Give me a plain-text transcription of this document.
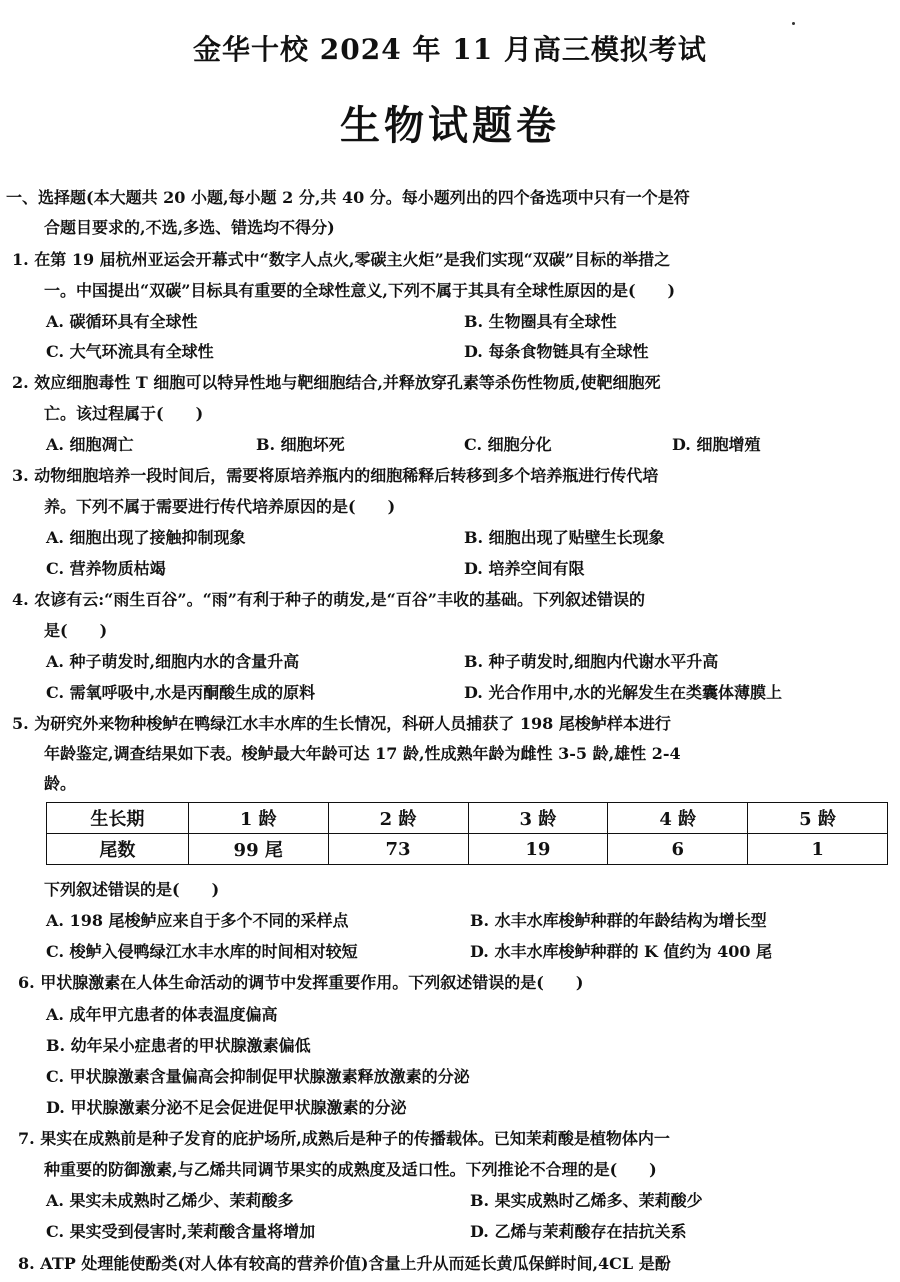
金华十校 2024 年 11 月高三模拟考试
生物试题卷
一、选择题(本大题共 20 小题,每小题 2 分,共 40 分。每小题列出的四个备选项中只有一个是符
合题目要求的,不选,多选、错选均不得分)
1. 在第 19 届杭州亚运会开幕式中“数字人点火,零碳主火炬”是我们实现“双碳”目标的举措之
一。中国提出“双碳”目标具有重要的全球性意义,下列不属于其具有全球性原因的是(　　)
A. 碳循环具有全球性	B. 生物圈具有全球性
C. 大气环流具有全球性	D. 每条食物链具有全球性
2. 效应细胞毒性 T 细胞可以特异性地与靶细胞结合,并释放穿孔素等杀伤性物质,使靶细胞死
亡。该过程属于(　　)
A. 细胞凋亡	B. 细胞坏死	C. 细胞分化	D. 细胞增殖
3. 动物细胞培养一段时间后，需要将原培养瓶内的细胞稀释后转移到多个培养瓶进行传代培
养。下列不属于需要进行传代培养原因的是(　　)
A. 细胞出现了接触抑制现象	B. 细胞出现了贴壁生长现象
C. 营养物质枯竭	D. 培养空间有限
4. 农谚有云:“雨生百谷”。“雨”有利于种子的萌发,是“百谷”丰收的基础。下列叙述错误的
是(　　)
A. 种子萌发时,细胞内水的含量升高	B. 种子萌发时,细胞内代谢水平升高
C. 需氧呼吸中,水是丙酮酸生成的原料	D. 光合作用中,水的光解发生在类囊体薄膜上
5. 为研究外来物种梭鲈在鸭绿江水丰水库的生长情况，科研人员捕获了 198 尾梭鲈样本进行
年龄鉴定,调查结果如下表。梭鲈最大年龄可达 17 龄,性成熟年龄为雌性 3-5 龄,雄性 2-4
龄。
生长期	1 龄	2 龄	3 龄	4 龄	5 龄
尾数	99 尾	73	19	6	1
下列叙述错误的是(　　)
A. 198 尾梭鲈应来自于多个不同的采样点	B. 水丰水库梭鲈种群的年龄结构为增长型
C. 梭鲈入侵鸭绿江水丰水库的时间相对较短	D. 水丰水库梭鲈种群的 K 值约为 400 尾
6. 甲状腺激素在人体生命活动的调节中发挥重要作用。下列叙述错误的是(　　)
A. 成年甲亢患者的体表温度偏高
B. 幼年呆小症患者的甲状腺激素偏低
C. 甲状腺激素含量偏高会抑制促甲状腺激素释放激素的分泌
D. 甲状腺激素分泌不足会促进促甲状腺激素的分泌
7. 果实在成熟前是种子发育的庇护场所,成熟后是种子的传播载体。已知茉莉酸是植物体内一
种重要的防御激素,与乙烯共同调节果实的成熟度及适口性。下列推论不合理的是(　　)
A. 果实未成熟时乙烯少、茉莉酸多	B. 果实成熟时乙烯多、茉莉酸少
C. 果实受到侵害时,茉莉酸含量将增加	D. 乙烯与茉莉酸存在拮抗关系
8. ATP 处理能使酚类(对人体有较高的营养价值)含量上升从而延长黄瓜保鲜时间,4CL 是酚
